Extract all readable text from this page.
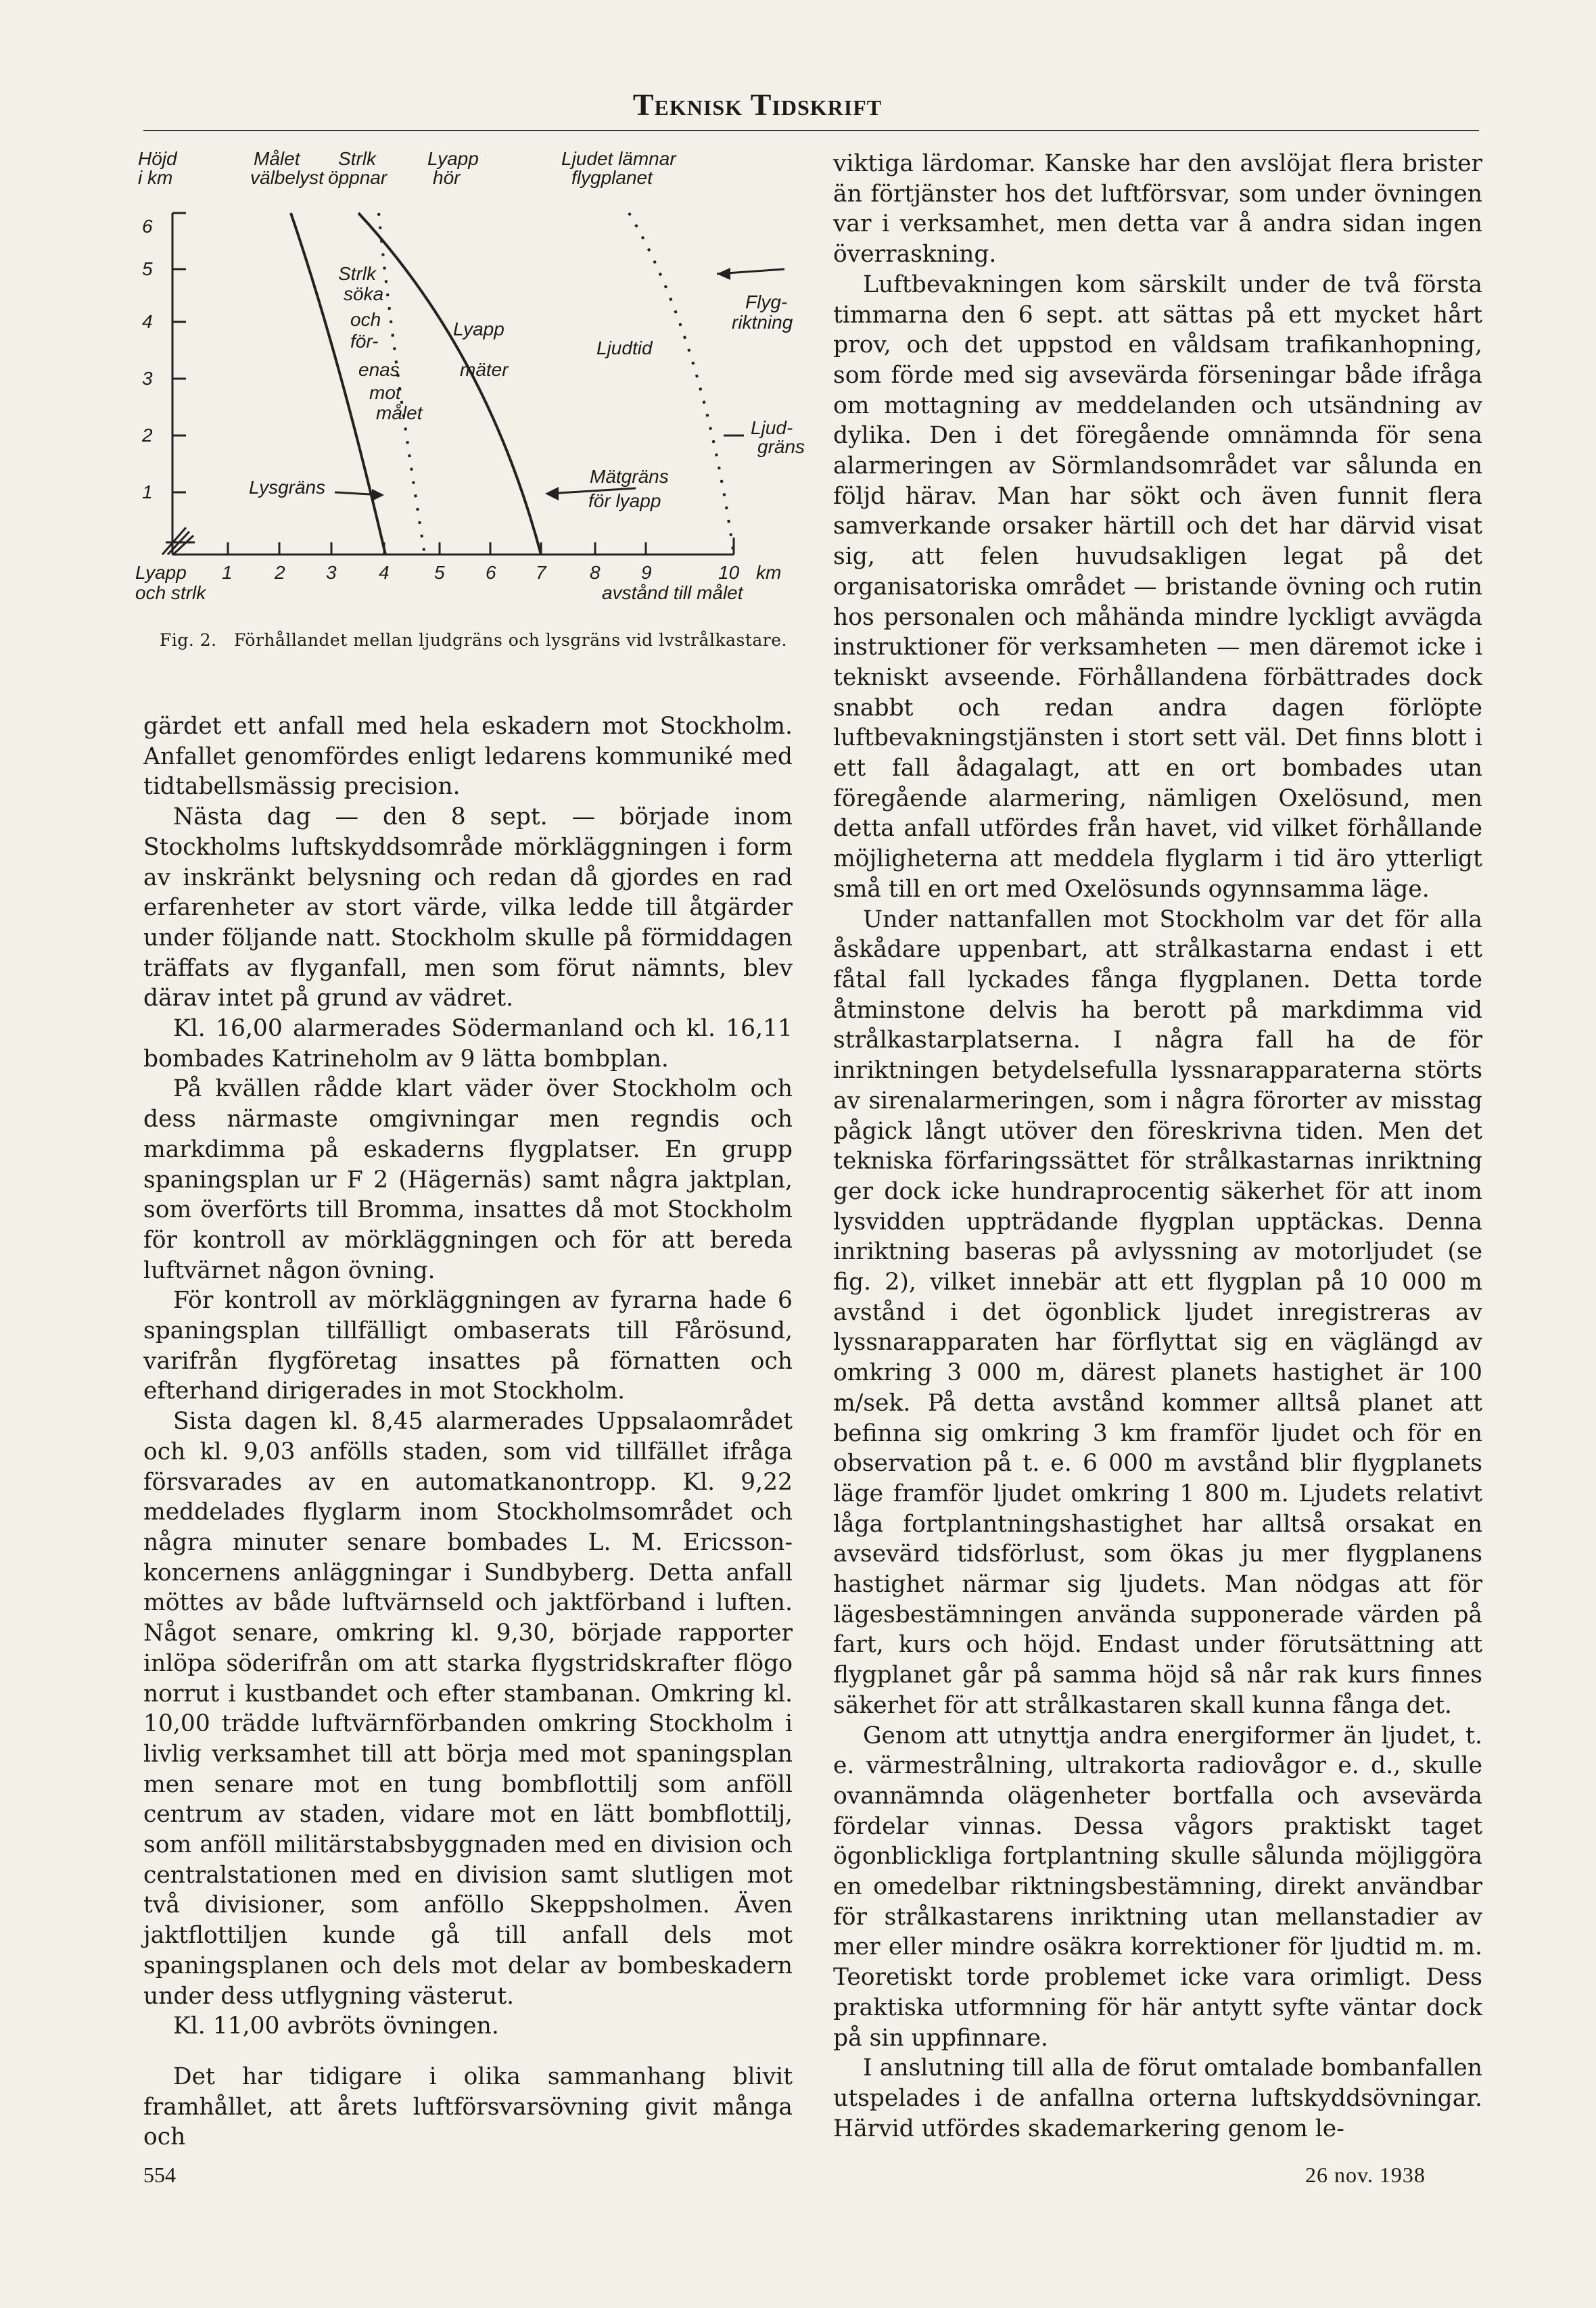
Teknisk Tidskrift
Höjd
i km
Målet
välbelyst
Strlk
öppnar
Lyapp
hör
Ljudet lämnar
flygplanet
Strlk
söka
och
för-
enas
mot
målet
Lyapp
mäter
Ljudtid
Flyg-
riktning
Ljud-
gräns
Mätgräns
för lyapp
Lysgräns
6
5
4
3
2
1
Lyapp
och strlk
1 2 3 4 5 6 7 8 9	10 km
avstånd till målet
Fig. 2. Förhållandet mellan ljudgräns och lysgräns vid lvstrålkastare.

gärdet ett anfall med hela eskadern mot Stockholm. Anfallet genomfördes enligt ledarens kommuniké med tidtabellsmässig precision.

Nästa dag — den 8 sept. — började inom Stockholms luftskyddsområde mörkläggningen i form av inskränkt belysning och redan då gjordes en rad erfarenheter av stort värde, vilka ledde till åtgärder under följande natt. Stockholm skulle på förmiddagen träffats av flyganfall, men som förut nämnts, blev därav intet på grund av vädret.

Kl. 16,00 alarmerades Södermanland och kl. 16,11 bombades Katrineholm av 9 lätta bombplan.

På kvällen rådde klart väder över Stockholm och dess närmaste omgivningar men regndis och markdimma på eskaderns flygplatser. En grupp spaningsplan ur F 2 (Hägernäs) samt några jaktplan, som överförts till Bromma, insattes då mot Stockholm för kontroll av mörkläggningen och för att bereda luftvärnet någon övning.

För kontroll av mörkläggningen av fyrarna hade 6 spaningsplan tillfälligt ombaserats till Fårösund, varifrån flygföretag insattes på förnatten och efterhand dirigerades in mot Stockholm.

Sista dagen kl. 8,45 alarmerades Uppsalaområdet och kl. 9,03 anfölls staden, som vid tillfället ifråga försvarades av en automatkanontropp. Kl. 9,22 meddelades flyglarm inom Stockholmsområdet och några minuter senare bombades L. M. Ericsson-koncernens anläggningar i Sundbyberg. Detta anfall möttes av både luftvärnseld och jaktförband i luften. Något senare, omkring kl. 9,30, började rapporter inlöpa söderifrån om att starka flygstridskrafter flögo norrut i kustbandet och efter stambanan. Omkring kl. 10,00 trädde luftvärnförbanden omkring Stockholm i livlig verksamhet till att börja med mot spaningsplan men senare mot en tung bombflottilj som anföll centrum av staden, vidare mot en lätt bombflottilj, som anföll militärstabsbyggnaden med en division och centralstationen med en division samt slutligen mot två divisioner, som anföllo Skeppsholmen. Även jaktflottiljen kunde gå till anfall dels mot spaningsplanen och dels mot delar av bombeskadern under dess utflygning västerut.

Kl. 11,00 avbröts övningen.

Det har tidigare i olika sammanhang blivit framhållet, att årets luftförsvarsövning givit många och

viktiga lärdomar. Kanske har den avslöjat flera brister än förtjänster hos det luftförsvar, som under övningen var i verksamhet, men detta var å andra sidan ingen överraskning.

Luftbevakningen kom särskilt under de två första timmarna den 6 sept. att sättas på ett mycket hårt prov, och det uppstod en våldsam trafikanhopning, som förde med sig avsevärda förseningar både ifråga om mottagning av meddelanden och utsändning av dylika. Den i det föregående omnämnda för sena alarmeringen av Sörmlandsområdet var sålunda en följd härav. Man har sökt och även funnit flera samverkande orsaker härtill och det har därvid visat sig, att felen huvudsakligen legat på det organisatoriska området — bristande övning och rutin hos personalen och måhända mindre lyckligt avvägda instruktioner för verksamheten — men däremot icke i tekniskt avseende. Förhållandena förbättrades dock snabbt och redan andra dagen förlöpte luftbevakningstjänsten i stort sett väl. Det finns blott i ett fall ådagalagt, att en ort bombades utan föregående alarmering, nämligen Oxelösund, men detta anfall utfördes från havet, vid vilket förhållande möjligheterna att meddela flyglarm i tid äro ytterligt små till en ort med Oxelösunds ogynnsamma läge.

Under nattanfallen mot Stockholm var det för alla åskådare uppenbart, att strålkastarna endast i ett fåtal fall lyckades fånga flygplanen. Detta torde åtminstone delvis ha berott på markdimma vid strålkastarplatserna. I några fall ha de för inriktningen betydelsefulla lyssnarapparaterna störts av sirenalarmeringen, som i några förorter av misstag pågick långt utöver den föreskrivna tiden. Men det tekniska förfaringssättet för strålkastarnas inriktning ger dock icke hundraprocentig säkerhet för att inom lysvidden uppträdande flygplan upptäckas. Denna inriktning baseras på avlyssning av motorljudet (se fig. 2), vilket innebär att ett flygplan på 10 000 m avstånd i det ögonblick ljudet inregistreras av lyssnarapparaten har förflyttat sig en väglängd av omkring 3 000 m, därest planets hastighet är 100 m/sek. På detta avstånd kommer alltså planet att befinna sig omkring 3 km framför ljudet och för en observation på t. e. 6 000 m avstånd blir flygplanets läge framför ljudet omkring 1 800 m. Ljudets relativt låga fortplantningshastighet har alltså orsakat en avsevärd tidsförlust, som ökas ju mer flygplanens hastighet närmar sig ljudets. Man nödgas att för lägesbestämningen använda supponerade värden på fart, kurs och höjd. Endast under förutsättning att flygplanet går på samma höjd så når rak kurs finnes säkerhet för att strålkastaren skall kunna fånga det.

Genom att utnyttja andra energiformer än ljudet, t. e. värmestrålning, ultrakorta radiovågor e. d., skulle ovannämnda olägenheter bortfalla och avsevärda fördelar vinnas. Dessa vågors praktiskt taget ögonblickliga fortplantning skulle sålunda möjliggöra en omedelbar riktningsbestämning, direkt användbar för strålkastarens inriktning utan mellanstadier av mer eller mindre osäkra korrektioner för ljudtid m. m. Teoretiskt torde problemet icke vara orimligt. Dess praktiska utformning för här antytt syfte väntar dock på sin uppfinnare.

I anslutning till alla de förut omtalade bombanfallen utspelades i de anfallna orterna luftskyddsövningar. Härvid utfördes skademarkering genom le-

554	26 nov. 1938
